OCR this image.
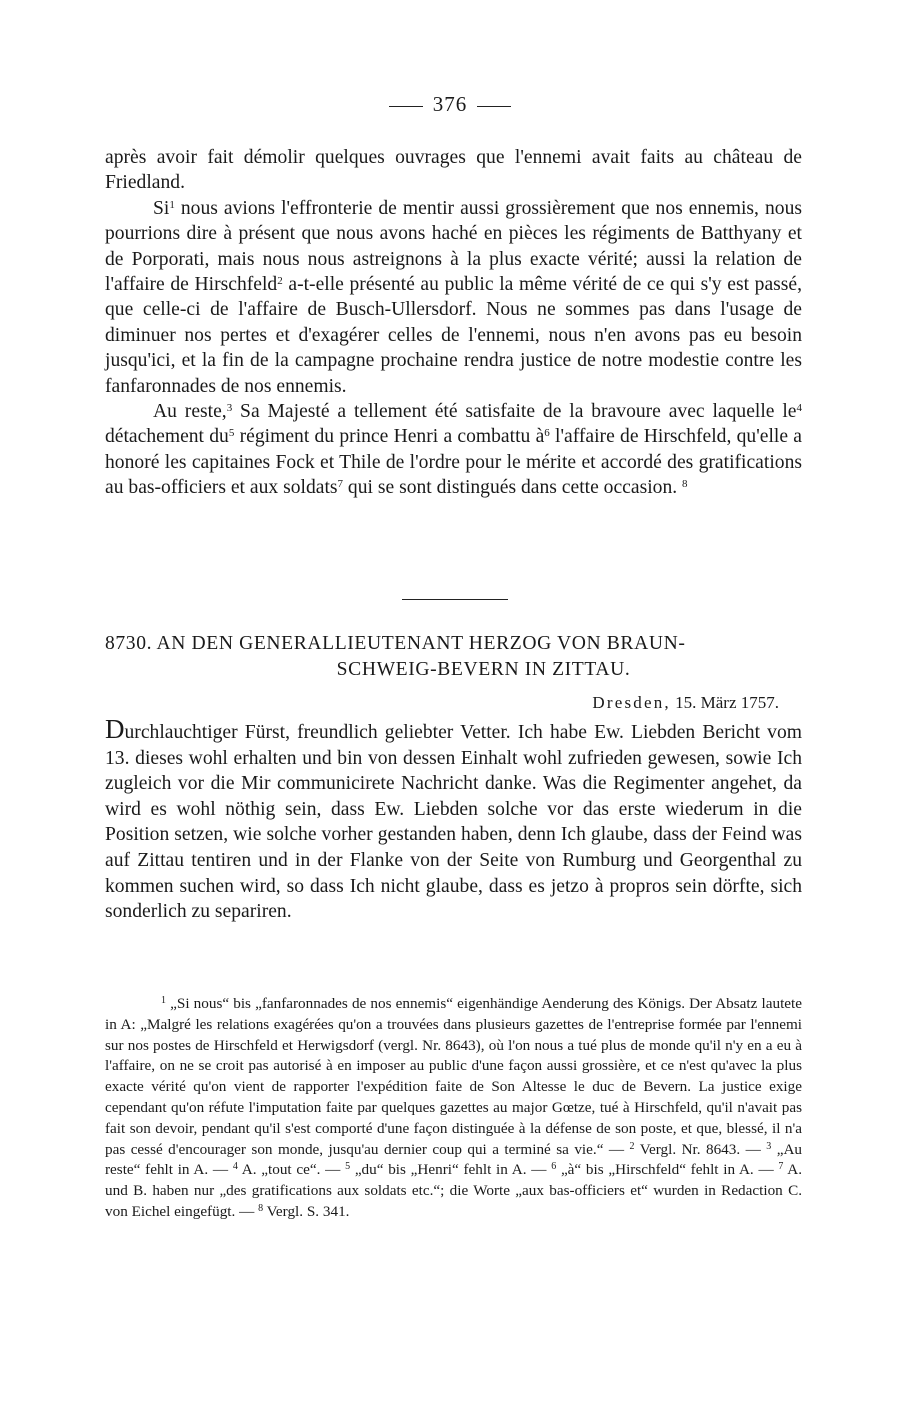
376

après avoir fait démolir quelques ouvrages que l'ennemi avait faits au château de Friedland.

Si$^1$ nous avions l'effronterie de mentir aussi grossièrement que nos ennemis, nous pourrions dire à présent que nous avons haché en pièces les régiments de Batthyany et de Porporati, mais nous nous astreignons à la plus exacte vérité; aussi la relation de l'affaire de Hirschfeld$^2$ a-t-elle présenté au public la même vérité de ce qui s'y est passé, que celle-ci de l'affaire de Busch-Ullersdorf. Nous ne sommes pas dans l'usage de diminuer nos pertes et d'exagérer celles de l'ennemi, nous n'en avons pas eu besoin jusqu'ici, et la fin de la campagne prochaine rendra justice de notre modestie contre les fanfaronnades de nos ennemis.

Au reste,$^3$ Sa Majesté a tellement été satisfaite de la bravoure avec laquelle $le^4$ détachement $du^5$ régiment du prince Henri a combattu $à^6$ l'affaire de Hirschfeld, qu'elle a honoré les capitaines Fock et Thile de l'ordre pour le mérite et accordé des gratifications au bas-officiers et aux soldats$^7$ qui se sont distingués dans cette occasion. $^8$

8730. AN DEN GENERALLIEUTENANT HERZOG VON BRAUN-
SCHWEIG-BEVERN IN ZITTAU.
Dresden, 15. März 1757.
Durchlauchtiger Fürst, freundlich geliebter Vetter. Ich habe Ew. Liebden Bericht vom 13. dieses wohl erhalten und bin von dessen Einhalt wohl zufrieden gewesen, sowie Ich zugleich vor die Mir communicirete Nachricht danke. Was die Regimenter angehet, da wird es wohl nöthig sein, dass Ew. Liebden solche vor das erste wiederum in die Position setzen, wie solche vorher gestanden haben, denn Ich glaube, dass der Feind was auf Zittau tentiren und in der Flanke von der Seite von Rumburg und Georgenthal zu kommen suchen wird, so dass Ich nicht glaube, dass es jetzo à propros sein dörfte, sich sonderlich zu separiren.

$^1$ „Si nous“ bis „fanfaronnades de nos ennemis“ eigenhändige Aenderung des Königs. Der Absatz lautete in A: „Malgré les relations exagérées qu'on a trouvées dans plusieurs gazettes de l'entreprise formée par l'ennemi sur nos postes de Hirschfeld et Herwigsdorf (vergl. Nr. 8643), où l'on nous a tué plus de monde qu'il n'y en a eu à l'affaire, on ne se croit pas autorisé à en imposer au public d'une façon aussi grossière, et ce n'est qu'avec la plus exacte vérité qu'on vient de rapporter l'expédition faite de Son Altesse le duc de Bevern. La justice exige cependant qu'on réfute l'imputation faite par quelques gazettes au major Gœtze, tué à Hirschfeld, qu'il n'avait pas fait son devoir, pendant qu'il s'est comporté d'une façon distinguée à la défense de son poste, et que, blessé, il n'a pas cessé d'encourager son monde, jusqu'au dernier coup qui a terminé sa vie.“ — $^2$ Vergl. Nr. 8643. — $^3$ „Au reste“ fehlt in A. — $^4$ A. „tout ce“. — $^5$ „du“ bis „Henri“ fehlt in A. — $^6$ „à“ bis „Hirschfeld“ fehlt in A. — $^7$ A. und B. haben nur „des gratifications aux soldats etc.“; die Worte „aux bas-officiers et“ wurden in Redaction C. von Eichel eingefügt. — $^8$ Vergl. S. 341.
